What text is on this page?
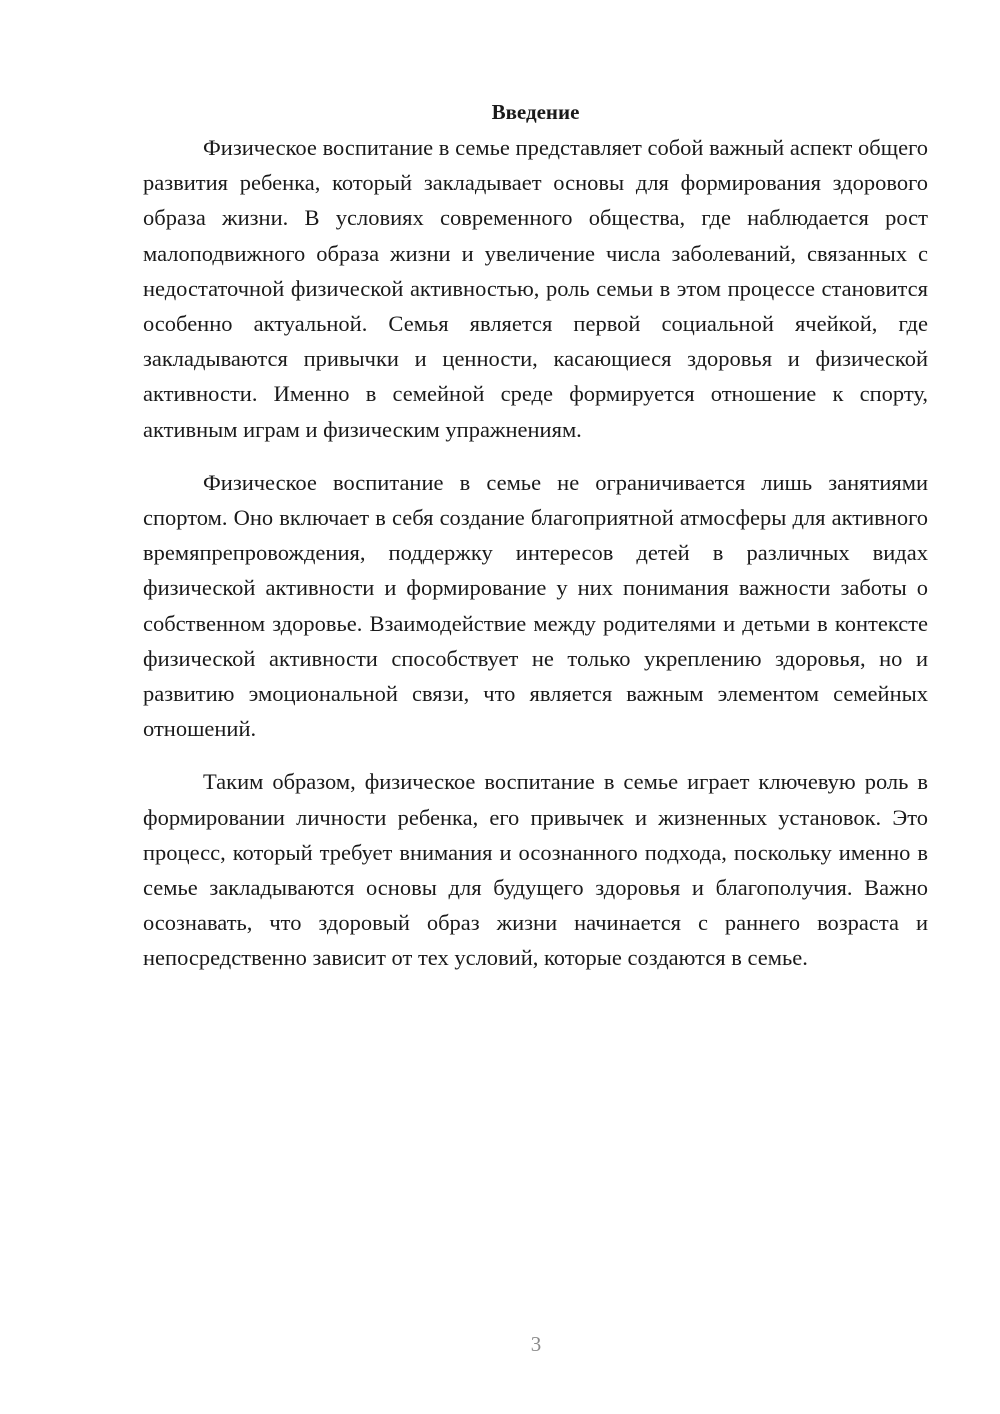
Введение

Физическое воспитание в семье представляет собой важный аспект общего развития ребенка, который закладывает основы для формирования здорового образа жизни. В условиях современного общества, где наблюдается рост малоподвижного образа жизни и увеличение числа заболеваний, связанных с недостаточной физической активностью, роль семьи в этом процессе становится особенно актуальной. Семья является первой социальной ячейкой, где закладываются привычки и ценности, касающиеся здоровья и физической активности. Именно в семейной среде формируется отношение к спорту, активным играм и физическим упражнениям.

Физическое воспитание в семье не ограничивается лишь занятиями спортом. Оно включает в себя создание благоприятной атмосферы для активного времяпрепровождения, поддержку интересов детей в различных видах физической активности и формирование у них понимания важности заботы о собственном здоровье. Взаимодействие между родителями и детьми в контексте физической активности способствует не только укреплению здоровья, но и развитию эмоциональной связи, что является важным элементом семейных отношений.

Таким образом, физическое воспитание в семье играет ключевую роль в формировании личности ребенка, его привычек и жизненных установок. Это процесс, который требует внимания и осознанного подхода, поскольку именно в семье закладываются основы для будущего здоровья и благополучия. Важно осознавать, что здоровый образ жизни начинается с раннего возраста и непосредственно зависит от тех условий, которые создаются в семье.

3
